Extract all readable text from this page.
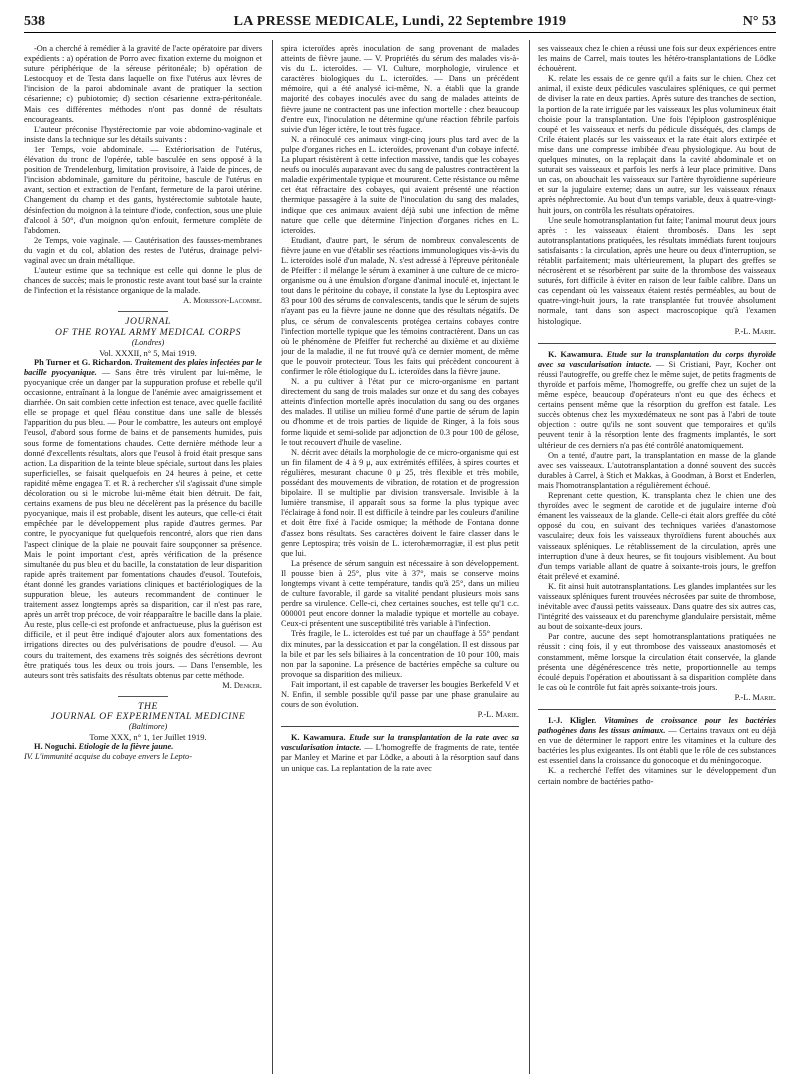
538	LA PRESSE MEDICALE, Lundi, 22 Septembre 1919	N° 53

-On a cherché à remédier à la gravité de l'acte opératoire par divers expédients : a) opération de Porro avec fixation externe du moignon et suture périphérique de la séreuse péritonéale; b) opération de Lestocquoy et de Testa dans laquelle on fixe l'utérus aux lèvres de l'incision de la paroi abdominale avant de pratiquer la section césarienne; c) pubiotomie; d) section césarienne extra-péritonéale. Mais ces différentes méthodes n'ont pas donné de résultats encourageants.

L'auteur préconise l'hystérectomie par voie abdomino-vaginale et insiste dans la technique sur les détails suivants :

1er Temps, voie abdominale. — Extériorisation de l'utérus, élévation du tronc de l'opérée, table basculée en sens opposé à la position de Trendelenburg, limitation provisoire, à l'aide de pinces, de l'incision abdominale, garniture du péritoine, bascule de l'utérus en avant, section et extraction de l'enfant, fermeture de la paroi utérine. Changement du champ et des gants, hystérectomie subtotale haute, désinfection du moignon à la teinture d'iode, confection, sous une pluie d'alcool à 50°, d'un moignon qu'on enfouit, fermeture complète de l'abdomen.

2e Temps, voie vaginale. — Cautérisation des fausses-membranes du vagin et du col, ablation des restes de l'utérus, drainage pelvi-vaginal avec un drain métallique.

L'auteur estime que sa technique est celle qui donne le plus de chances de succès; mais le pronostic reste avant tout basé sur la crainte de l'infection et la résistance organique de la malade.

A. Morisson-Lacombe.

JOURNAL

OF THE ROYAL ARMY MEDICAL CORPS

(Londres)

Vol. XXXII, n° 5, Mai 1919.

Ph Turner et G. Richardon. Traitement des plaies infectées par le bacille pyocyanique. — Sans être très virulent par lui-même, le pyocyanique crée un danger par la suppuration profuse et rebelle qu'il occasionne, entraînant à la longue de l'anémie avec amaigrissement et diarrhée. On sait combien cette infection est tenace, avec quelle facilité elle se propage et quel fléau constitue dans une salle de blessés l'apparition du pus bleu. — Pour le combattre, les auteurs ont employé l'eusol, d'abord sous forme de bains et de pansements humides, puis sous forme de fomentations chaudes. Cette dernière méthode leur a donné d'excellents résultats, alors que l'eusol à froid était presque sans action. La disparition de la teinte bleue spéciale, surtout dans les plaies superficielles, se faisait quelquefois en 24 heures à peine, et cette rapidité même engagea T. et R. à rechercher s'il s'agissait d'une simple décoloration ou si le microbe lui-même était bien détruit. De fait, certains examens de pus bleu ne décelèrent pas la présence du bacille pyocyanique, mais il est probable, disent les auteurs, que celle-ci était empêchée par le développement plus rapide d'autres germes. Par contre, le pyocyanique fut quelquefois rencontré, alors que rien dans l'aspect clinique de la plaie ne pouvait faire soupçonner sa présence. Mais le point important c'est, après vérification de la présence simultanée du pus bleu et du bacille, la constatation de leur disparition rapide après traitement par fomentations chaudes d'eusol. Toutefois, étant donné les grandes variations cliniques et bactériologiques de la suppuration bleue, les auteurs recommandent de continuer le traitement assez longtemps après sa disparition, car il n'est pas rare, après un arrêt trop précoce, de voir réapparaître le bacille dans la plaie. Au reste, plus celle-ci est profonde et anfractueuse, plus la guérison est difficile, et il peut être indiqué d'ajouter alors aux fomentations des irrigations directes ou des pulvérisations de poudre d'eusol. — Au cours du traitement, des examens très soignés des sécrétions devront être pratiqués tous les deux ou trois jours. — Dans l'ensemble, les auteurs sont très satisfaits des résultats obtenus par cette méthode.

M. Denker.

THE

JOURNAL OF EXPERIMENTAL MEDICINE

(Baltimore)

Tome XXX, n° 1, 1er Juillet 1919.

H. Noguchi. Etiologie de la fièvre jaune.

IV. L'immunité acquise du cobaye envers le Lepto-

spira icteroïdes après inoculation de sang provenant de malades atteints de fièvre jaune. — V. Propriétés du sérum des malades vis-à-vis du L. icteroïdes. — VI. Culture, morphologie, virulence et caractères biologiques du L. icteroïdes. — Dans un précédent mémoire, qui a été analysé ici-même, N. a établi que la grande majorité des cobayes inoculés avec du sang de malades atteints de fièvre jaune ne contractent pas une infection mortelle : chez beaucoup d'entre eux, l'inoculation ne détermine qu'une réaction fébrile parfois suivie d'un léger ictère, le tout très fugace.

N. a réinoculé ces animaux vingt-cinq jours plus tard avec de la pulpe d'organes riches en L. icteroïdes, provenant d'un cobaye infecté. La plupart résistèrent à cette infection massive, tandis que les cobayes neufs ou inoculés auparavant avec du sang de palustres contractèrent la maladie expérimentale typique et moururent. Cette résistance ou même cet état réfractaire des cobayes, qui avaient présenté une réaction thermique passagère à la suite de l'inoculation du sang des malades, indique que ces animaux avaient déjà subi une infection de même nature que celle que détermine l'injection d'organes riches en L. icteroïdes.

Etudiant, d'autre part, le sérum de nombreux convalescents de fièvre jaune en vue d'établir ses réactions immunologiques vis-à-vis du L. icteroïdes isolé d'un malade, N. s'est adressé à l'épreuve péritonéale de Pfeiffer : il mélange le sérum à examiner à une culture de ce micro-organisme ou à une émulsion d'organe d'animal inoculé et, injectant le tout dans le péritoine du cobaye, il constate la lyse du Leptospira avec 83 pour 100 des sérums de convalescents, tandis que le sérum de sujets n'ayant pas eu la fièvre jaune ne donne que des résultats négatifs. De plus, ce sérum de convalescents protégea certains cobayes contre l'infection mortelle typique que les témoins contractèrent. Dans un cas où le phénomène de Pfeiffer fut recherché au dixième et au dixième jour de la maladie, il ne fut trouvé qu'à ce dernier moment, de même que le pouvoir protecteur. Tous les faits qui précèdent concourent à confirmer le rôle étiologique du L. icteroïdes dans la fièvre jaune.

N. a pu cultiver à l'état pur ce micro-organisme en partant directement du sang de trois malades sur onze et du sang des cobayes atteints d'infection mortelle après inoculation du sang ou des organes des malades. Il utilise un milieu formé d'une partie de sérum de lapin ou d'homme et de trois parties de liquide de Ringer, à la fois sous forme liquide et semi-solide par adjonction de 0.3 pour 100 de gélose, le tout recouvert d'huile de vaseline.

N. décrit avec détails la morphologie de ce micro-organisme qui est un fin filament de 4 à 9 μ, aux extrémités effilées, à spires courtes et régulières, mesurant chacune 0 μ 25, très flexible et très mobile, possédant des mouvements de vibration, de rotation et de progression bipolaire. Il se multiplie par division transversale. Invisible à la lumière transmise, il apparaît sous sa forme la plus typique avec l'éclairage à fond noir. Il est difficile à teindre par les couleurs d'aniline et doit être fixé à l'acide osmique; la méthode de Fontana donne d'assez bons résultats. Ses caractères doivent le faire classer dans le genre Leptospira; très voisin de L. icterohæmorragiæ, il est plus petit que lui.

La présence de sérum sanguin est nécessaire à son développement. Il pousse bien à 25°, plus vite à 37°, mais se conserve moins longtemps vivant à cette température, tandis qu'à 25°, dans un milieu de culture favorable, il garde sa vitalité pendant plusieurs mois sans perdre sa virulence. Celle-ci, chez certaines souches, est telle qu'1 c.c. 000001 peut encore donner la maladie typique et mortelle au cobaye. Ceux-ci présentent une susceptibilité très variable à l'infection.

Très fragile, le L. icteroïdes est tué par un chauffage à 55° pendant dix minutes, par la dessiccation et par la congélation. Il est dissous par la bile et par les sels biliaires à la concentration de 10 pour 100, mais non par la saponine. La présence de bactéries empêche sa culture ou provoque sa disparition des milieux.

Fait important, il est capable de traverser les bougies Berkefeld V et N. Enfin, il semble possible qu'il passe par une phase granulaire au cours de son évolution.

P.-L. Marie.

K. Kawamura. Etude sur la transplantation de la rate avec sa vascularisation intacte. — L'homogreffe de fragments de rate, tentée par Manley et Marine et par Lödke, a abouti à la résorption sauf dans un unique cas. La replantation de la rate avec

ses vaisseaux chez le chien a réussi une fois sur deux expériences entre les mains de Carrel, mais toutes les hétéro-transplantations de Lödke échouèrent.

K. relate les essais de ce genre qu'il a faits sur le chien. Chez cet animal, il existe deux pédicules vasculaires spléniques, ce qui permet de diviser la rate en deux parties. Après suture des tranches de section, la portion de la rate irriguée par les vaisseaux les plus volumineux était choisie pour la transplantation. Une fois l'épiploon gastrosplénique coupé et les vaisseaux et nerfs du pédicule disséqués, des clamps de Crile étaient placés sur les vaisseaux et la rate était alors extirpée et mise dans une compresse imbibée d'eau physiologique. Au bout de quelques minutes, on la replaçait dans la cavité abdominale et on suturait ses vaisseaux et parfois les nerfs à leur place primitive. Dans un cas, on abouchait les vaisseaux sur l'artère thyroïdienne supérieure et sur la jugulaire externe; dans un autre, sur les vaisseaux rénaux après néphrectomie. Au bout d'un temps variable, deux à quatre-vingt-huit jours, on contrôla les résultats opératoires.

Une seule homotransplantation fut faite; l'animal mourut deux jours après : les vaisseaux étaient thrombosés. Dans les sept autotransplantations pratiquées, les résultats immédiats furent toujours satisfaisants : la circulation, après une heure ou deux d'interruption, se rétablit parfaitement; mais ultérieurement, la plupart des greffes se nécrosèrent et se résorbèrent par suite de la thrombose des vaisseaux suturés, fort difficile à éviter en raison de leur faible calibre. Dans un cas cependant où les vaisseaux étaient restés perméables, au bout de quatre-vingt-huit jours, la rate transplantée fut trouvée absolument normale, tant dans son aspect macroscopique qu'à l'examen histologique.

P.-L. Marie.

K. Kawamura. Etude sur la transplantation du corps thyroïde avec sa vascularisation intacte. — Si Cristiani, Payr, Kocher ont réussi l'autogreffe, ou greffe chez le même sujet, de petits fragments de thyroïde et parfois même, l'homogreffe, ou greffe chez un sujet de la même espèce, beaucoup d'opérateurs n'ont eu que des échecs et certains pensent même que la résorption du greffon est fatale. Les succès obtenus chez les myxœdémateux ne sont pas à l'abri de toute objection : outre qu'ils ne sont souvent que temporaires et qu'ils peuvent tenir à la résorption lente des fragments implantés, le sort ultérieur de ces derniers n'a pas été contrôlé anatomiquement.

On a tenté, d'autre part, la transplantation en masse de la glande avec ses vaisseaux. L'autotransplantation a donné souvent des succès durables à Carrel, à Stich et Makkas, à Goodman, à Borst et Enderlen, mais l'homotransplantation a régulièrement échoué.

Reprenant cette question, K. transplanta chez le chien une des thyroïdes avec le segment de carotide et de jugulaire interne d'où émanent les vaisseaux de la glande. Celle-ci était alors greffée du côté opposé du cou, en suivant des techniques variées d'anastomose vasculaire; deux fois les vaisseaux thyroïdiens furent abouchés aux vaisseaux spléniques. Le rétablissement de la circulation, après une interruption d'une à deux heures, se fit toujours visiblement. Au bout d'un temps variable allant de quatre à soixante-trois jours, le greffon était prélevé et examiné.

K. fit ainsi huit autotransplantations. Les glandes implantées sur les vaisseaux spléniques furent trouvées nécrosées par suite de thrombose, inévitable avec d'aussi petits vaisseaux. Dans quatre des six autres cas, l'intégrité des vaisseaux et du parenchyme glandulaire persistait, même au bout de soixante-deux jours.

Par contre, aucune des sept homotransplantations pratiquées ne réussit : cinq fois, il y eut thrombose des vaisseaux anastomosés et constamment, même lorsque la circulation était conservée, la glande présenta une dégénérescence très nette, proportionnelle au temps écoulé depuis l'opération et aboutissant à sa disparition complète dans le cas où le contrôle fut fait après soixante-trois jours.

P.-L. Marie.

I.-J. Kligler. Vitamines de croissance pour les bactéries pathogènes dans les tissus animaux. — Certains travaux ont eu déjà en vue de déterminer le rapport entre les vitamines et la culture des bactéries les plus exigeantes. Ils ont établi que le rôle de ces substances est essentiel dans la croissance du gonocoque et du méningocoque.

K. a recherché l'effet des vitamines sur le développement d'un certain nombre de bactéries patho-
